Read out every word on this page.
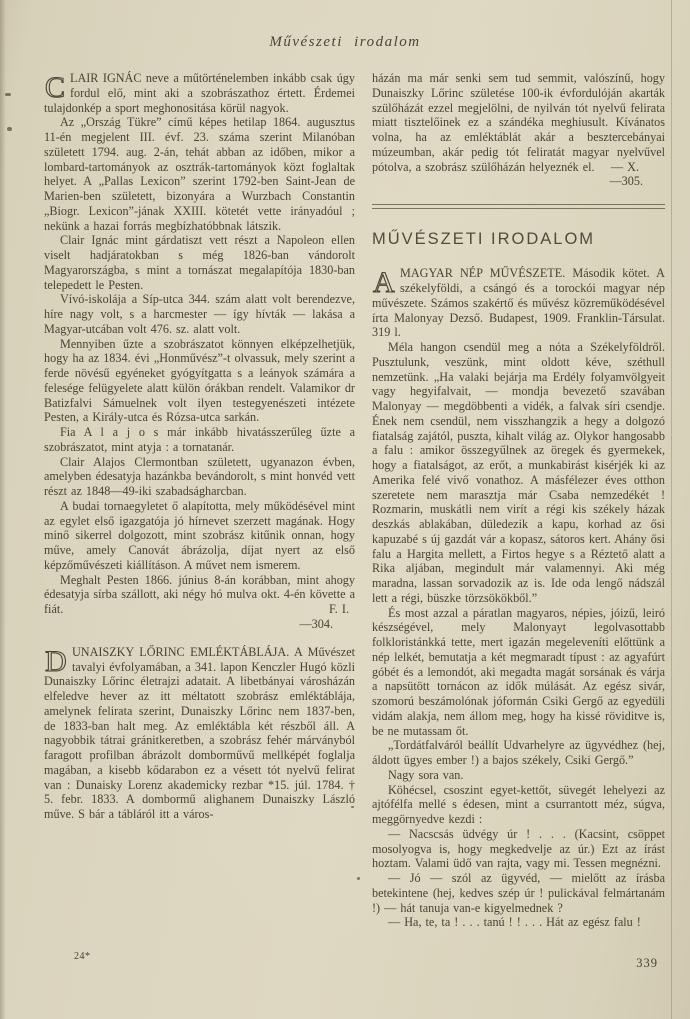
Művészeti irodalom

C LAIR IGNÁC neve a műtörténelemben inkább csak úgy fordul elő, mint aki a szobrászathoz értett. Érdemei tulajdonkép a sport meghonositása körül nagyok.

Az „Ország Tükre” című képes hetilap 1864. augusztus 11-én megjelent III. évf. 23. száma szerint Milanóban született 1794. aug. 2-án, tehát abban az időben, mikor a lombard-tartományok az osztrák-tartományok közt foglaltak helyet. A „Pallas Lexicon” szerint 1792-ben Saint-Jean de Marien-ben született, bizonyára a Wurzbach Constantin „Biogr. Lexicon”-jának XXIII. kötetét vette irányadóul ; nekünk a hazai forrás megbízhatóbbnak látszik.

Clair Ignác mint gárdatiszt vett részt a Napoleon ellen viselt hadjáratokban s még 1826-ban vándorolt Magyarországba, s mint a tornászat megalapítója 1830-ban telepedett le Pesten.

Vívó-iskolája a Síp-utca 344. szám alatt volt berendezve, híre nagy volt, s a harcmester — így hívták — lakása a Magyar-utcában volt 476. sz. alatt volt.

Mennyiben űzte a szobrászatot könnyen elképzelhetjük, hogy ha az 1834. évi „Honművész”-t olvassuk, mely szerint a ferde növésű egyéneket gyógyítgatta s a leányok számára a felesége felügyelete alatt külön órákban rendelt. Valamikor dr Batizfalvi Sámuelnek volt ilyen testegyenészeti intézete Pesten, a Király-utca és Rózsa-utca sarkán.

Fia A l a j o s már inkább hivatásszerűleg űzte a szobrászatot, mint atyja : a tornatanár.

Clair Alajos Clermontban született, ugyanazon évben, amelyben édesatyja hazánkba bevándorolt, s mint honvéd vett részt az 1848—49-iki szabadságharcban.

A budai tornaegyletet ő alapította, mely működésével mint az egylet első igazgatója jó hírnevet szerzett magának. Hogy minő sikerrel dolgozott, mint szobrász kitűnik onnan, hogy műve, amely Canovát ábrázolja, díjat nyert az első képzőművészeti kiállításon. A művet nem ismerem.

Meghalt Pesten 1866. június 8-án korábban, mint ahogy édesatyja sírba szállott, aki négy hó mulva okt. 4-én követte a fiát.	F. I.

—304.

D UNAISZKY LŐRINC EMLÉKTÁBLÁJA. A Művészet tavalyi évfolyamában, a 341. lapon Kenczler Hugó közli Dunaiszky Lőrinc életrajzi adatait. A libetbányai városházán elfeledve hever az itt méltatott szobrász emléktáblája, amelynek felirata szerint, Dunaiszky Lőrinc nem 1837-ben, de 1833-ban halt meg. Az emléktábla két részből áll. A nagyobbik tátrai gránitkeretben, a szobrász fehér márványból faragott profilban ábrázolt domborművű mellképét foglalja magában, a kisebb kődarabon ez a vésett tót nyelvű felirat van : Dunaisky Lorenz akademicky rezbar *15. júl. 1784. † 5. febr. 1833. A dombormű alighanem Dunaiszky László műve. S bár a tábláról itt a város-

házán ma már senki sem tud semmit, valószínű, hogy Dunaiszky Lőrinc születése 100-ik évfordulóján akarták szülőházát ezzel megjelölni, de nyilván tót nyelvű felirata miatt tisztelőinek ez a szándéka meghiusult. Kívánatos volna, ha az emléktáblát akár a besztercebányai múzeumban, akár pedig tót feliratát magyar nyelvűvel pótolva, a szobrász szülőházán helyeznék el. — X.

—305.
MŰVÉSZETI IRODALOM

A MAGYAR NÉP MŰVÉSZETE. Második kötet. A székelyföldi, a csángó és a torockói magyar nép művészete. Számos szakértő és művész közreműködésével írta Malonyay Dezső. Budapest, 1909. Franklin-Társulat. 319 l.

Méla hangon csendül meg a nóta a Székelyföldről. Pusztulunk, veszünk, mint oldott kéve, széthull nemzetünk. „Ha valaki bejárja ma Erdély folyamvölgyeit vagy hegyifalvait, — mondja bevezető szavában Malonyay — megdöbbenti a vidék, a falvak síri csendje. Ének nem csendül, nem visszhangzik a hegy a dolgozó fiatalság zajától, puszta, kihalt világ az. Olykor hangosabb a falu : amikor összegyűlnek az öregek és gyermekek, hogy a fiatalságot, az erőt, a munkabirást kisérjék ki az Amerika felé vivő vonathoz. A másfélezer éves otthon szeretete nem marasztja már Csaba nemzedékét ! Rozmarin, muskátli nem virít a régi kis székely házak deszkás ablakában, düledezik a kapu, korhad az ősi kapuzabé s új gazdát vár a kopasz, sátoros kert. Ahány ősi falu a Hargita mellett, a Firtos hegye s a Réztető alatt a Rika aljában, megindult már valamennyi. Aki még maradna, lassan sorvadozik az is. Ide oda lengő nádszál lett a régi, büszke törzsökökből.”

És most azzal a páratlan magyaros, népies, jóizű, leiró készségével, mely Malonyayt legolvasottabb folkloristánkká tette, mert igazán megeleveníti előttünk a nép lelkét, bemutatja a két megmaradt típust : az agyafúrt góbét és a lemondót, aki megadta magát sorsának és várja a napsütött tornácon az idők múlását. Az egész sivár, szomorú beszámolónak jóformán Csiki Gergő az egyedüli vidám alakja, nem állom meg, hogy ha kissé röviditve is, be ne mutassam őt.

„Tordátfalváról beállít Udvarhelyre az ügyvédhez (hej, áldott ügyes ember !) a bajos székely, Csiki Gergő.”

Nagy sora van.

Köhécsel, csoszint egyet-kettőt, süvegét lehelyezi az ajtófélfa mellé s édesen, mint a csurrantott méz, súgva, meggörnyedve kezdi :

— Nacscsás üdvégy úr ! . . . (Kacsint, csöppet mosolyogva is, hogy megkedvelje az úr.) Ezt az írást hoztam. Valami üdő van rajta, vagy mi. Tessen megnézni.

— Jó — szól az ügyvéd, — mielőtt az írásba betekintene (hej, kedves szép úr ! pulickával felmártanám !) — hát tanuja van-e kigyelmednek ?

— Ha, te, ta ! . . . tanú ! ! . . . Hát az egész falu !

24*	339
